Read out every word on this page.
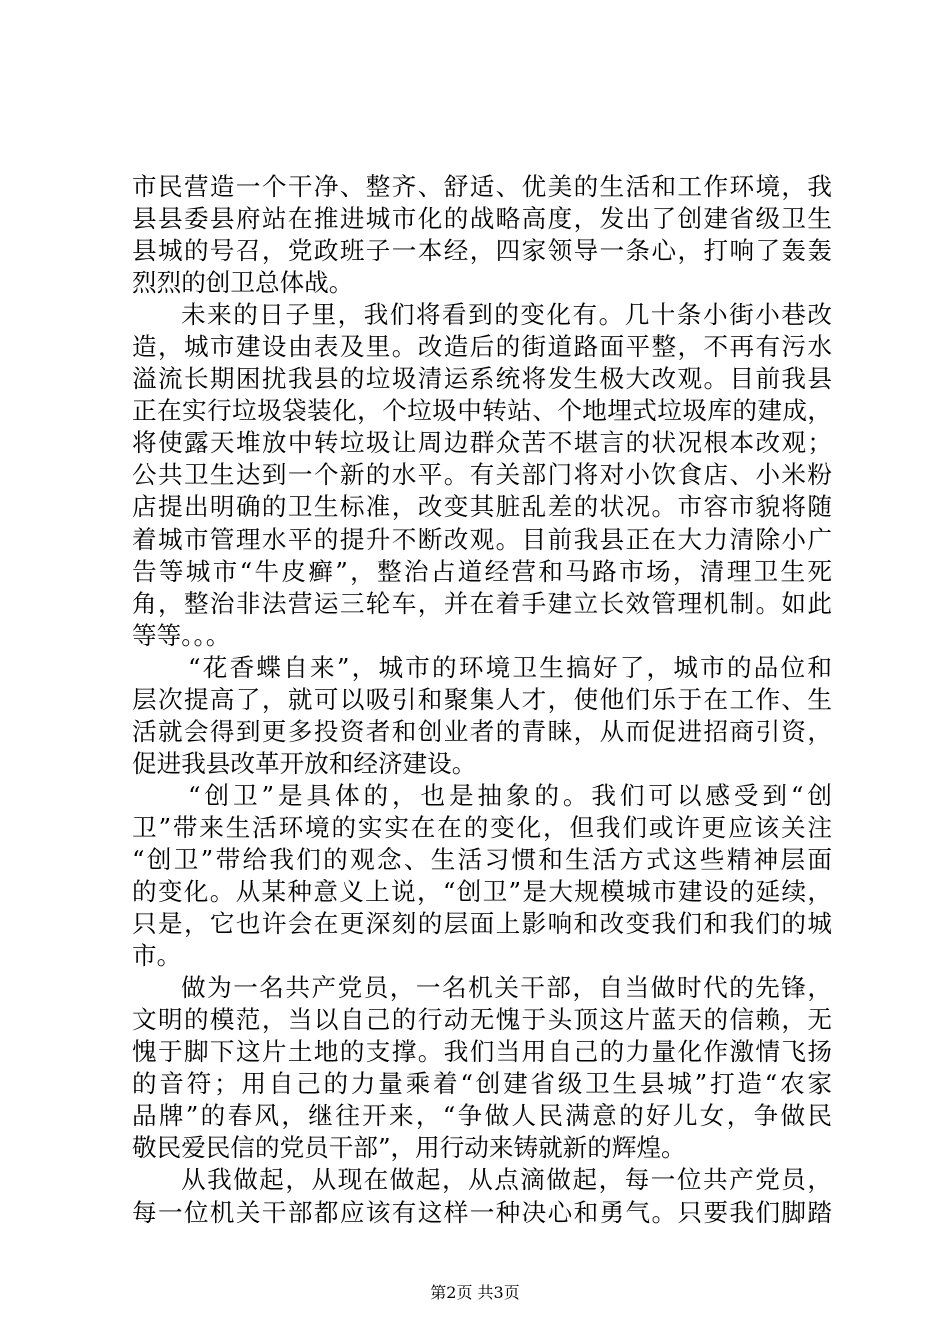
市民营造一个干净、整齐、舒适、优美的生活和工作环境，我
县县委县府站在推进城市化的战略高度，发出了创建省级卫生
县城的号召，党政班子一本经，四家领导一条心，打响了轰轰
烈烈的创卫总体战。
未来的日子里，我们将看到的变化有。几十条小街小巷改
造，城市建设由表及里。改造后的街道路面平整，不再有污水
溢流长期困扰我县的垃圾清运系统将发生极大改观。目前我县
正在实行垃圾袋装化，个垃圾中转站、个地埋式垃圾库的建成，
将使露天堆放中转垃圾让周边群众苦不堪言的状况根本改观；
公共卫生达到一个新的水平。有关部门将对小饮食店、小米粉
店提出明确的卫生标准，改变其脏乱差的状况。市容市貌将随
着城市管理水平的提升不断改观。目前我县正在大力清除小广
告等城市“牛皮癣”，整治占道经营和马路市场，清理卫生死
角，整治非法营运三轮车，并在着手建立长效管理机制。如此
等等。。。
“花香蝶自来”，城市的环境卫生搞好了，城市的品位和
层次提高了，就可以吸引和聚集人才，使他们乐于在工作、生
活就会得到更多投资者和创业者的青睐，从而促进招商引资，
促进我县改革开放和经济建设。
“创卫”是具体的，也是抽象的。我们可以感受到“创
卫”带来生活环境的实实在在的变化，但我们或许更应该关注
“创卫”带给我们的观念、生活习惯和生活方式这些精神层面
的变化。从某种意义上说，“创卫”是大规模城市建设的延续，
只是，它也许会在更深刻的层面上影响和改变我们和我们的城
市。
做为一名共产党员，一名机关干部，自当做时代的先锋，
文明的模范，当以自己的行动无愧于头顶这片蓝天的信赖，无
愧于脚下这片土地的支撑。我们当用自己的力量化作激情飞扬
的音符；用自己的力量乘着“创建省级卫生县城”打造“农家
品牌”的春风，继往开来，“争做人民满意的好儿女，争做民
敬民爱民信的党员干部”，用行动来铸就新的辉煌。
从我做起，从现在做起，从点滴做起，每一位共产党员，
每一位机关干部都应该有这样一种决心和勇气。只要我们脚踏
第2页 共3页
